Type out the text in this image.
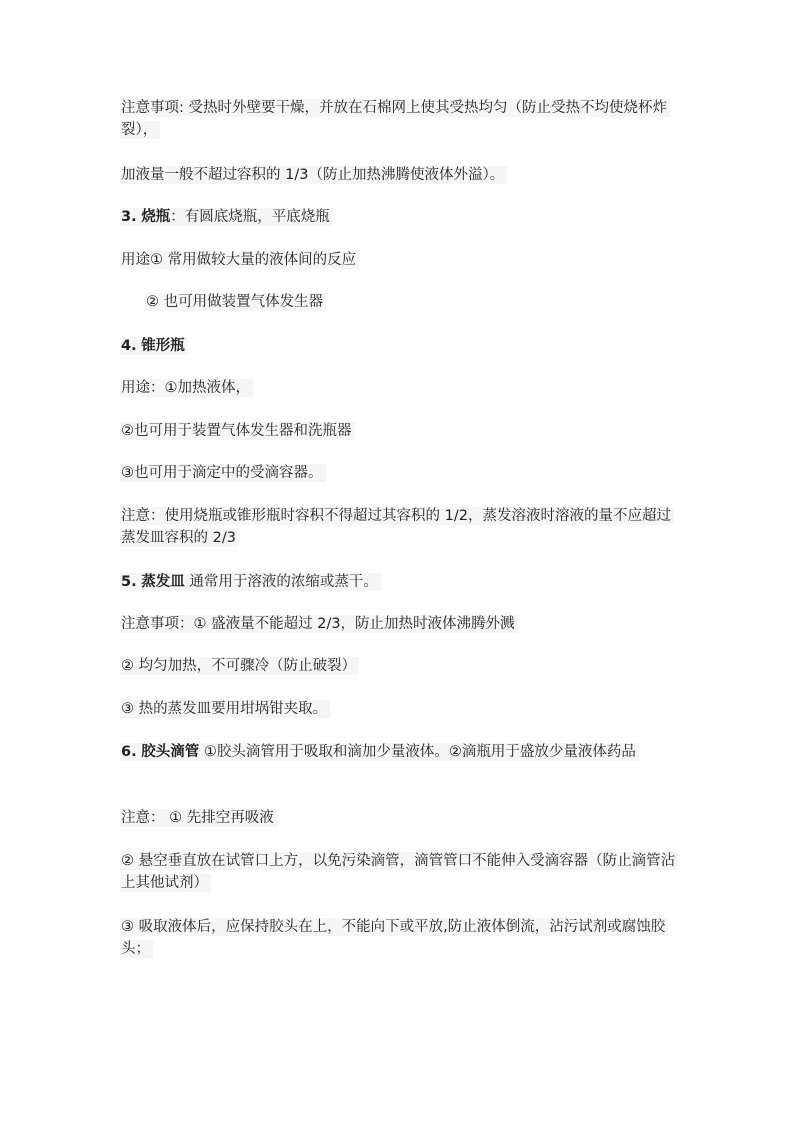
注意事项: 受热时外壁要干燥，并放在石棉网上使其受热均匀（防止受热不均使烧杯炸裂），
加液量一般不超过容积的 1/3（防止加热沸腾使液体外溢）。
3. 烧瓶：有圆底烧瓶，平底烧瓶
用途① 常用做较大量的液体间的反应
② 也可用做装置气体发生器
4. 锥形瓶
用途：①加热液体，
②也可用于装置气体发生器和洗瓶器
③也可用于滴定中的受滴容器。
注意：使用烧瓶或锥形瓶时容积不得超过其容积的 1/2，蒸发溶液时溶液的量不应超过蒸发皿容积的 2/3
5. 蒸发皿 通常用于溶液的浓缩或蒸干。
注意事项：① 盛液量不能超过 2/3，防止加热时液体沸腾外溅
② 均匀加热，不可骤冷（防止破裂）
③ 热的蒸发皿要用坩埚钳夹取。
6. 胶头滴管 ①胶头滴管用于吸取和滴加少量液体。②滴瓶用于盛放少量液体药品
注意： ① 先排空再吸液
② 悬空垂直放在试管口上方，以免污染滴管，滴管管口不能伸入受滴容器（防止滴管沾上其他试剂）
③ 吸取液体后，应保持胶头在上，不能向下或平放,防止液体倒流，沾污试剂或腐蚀胶头；
